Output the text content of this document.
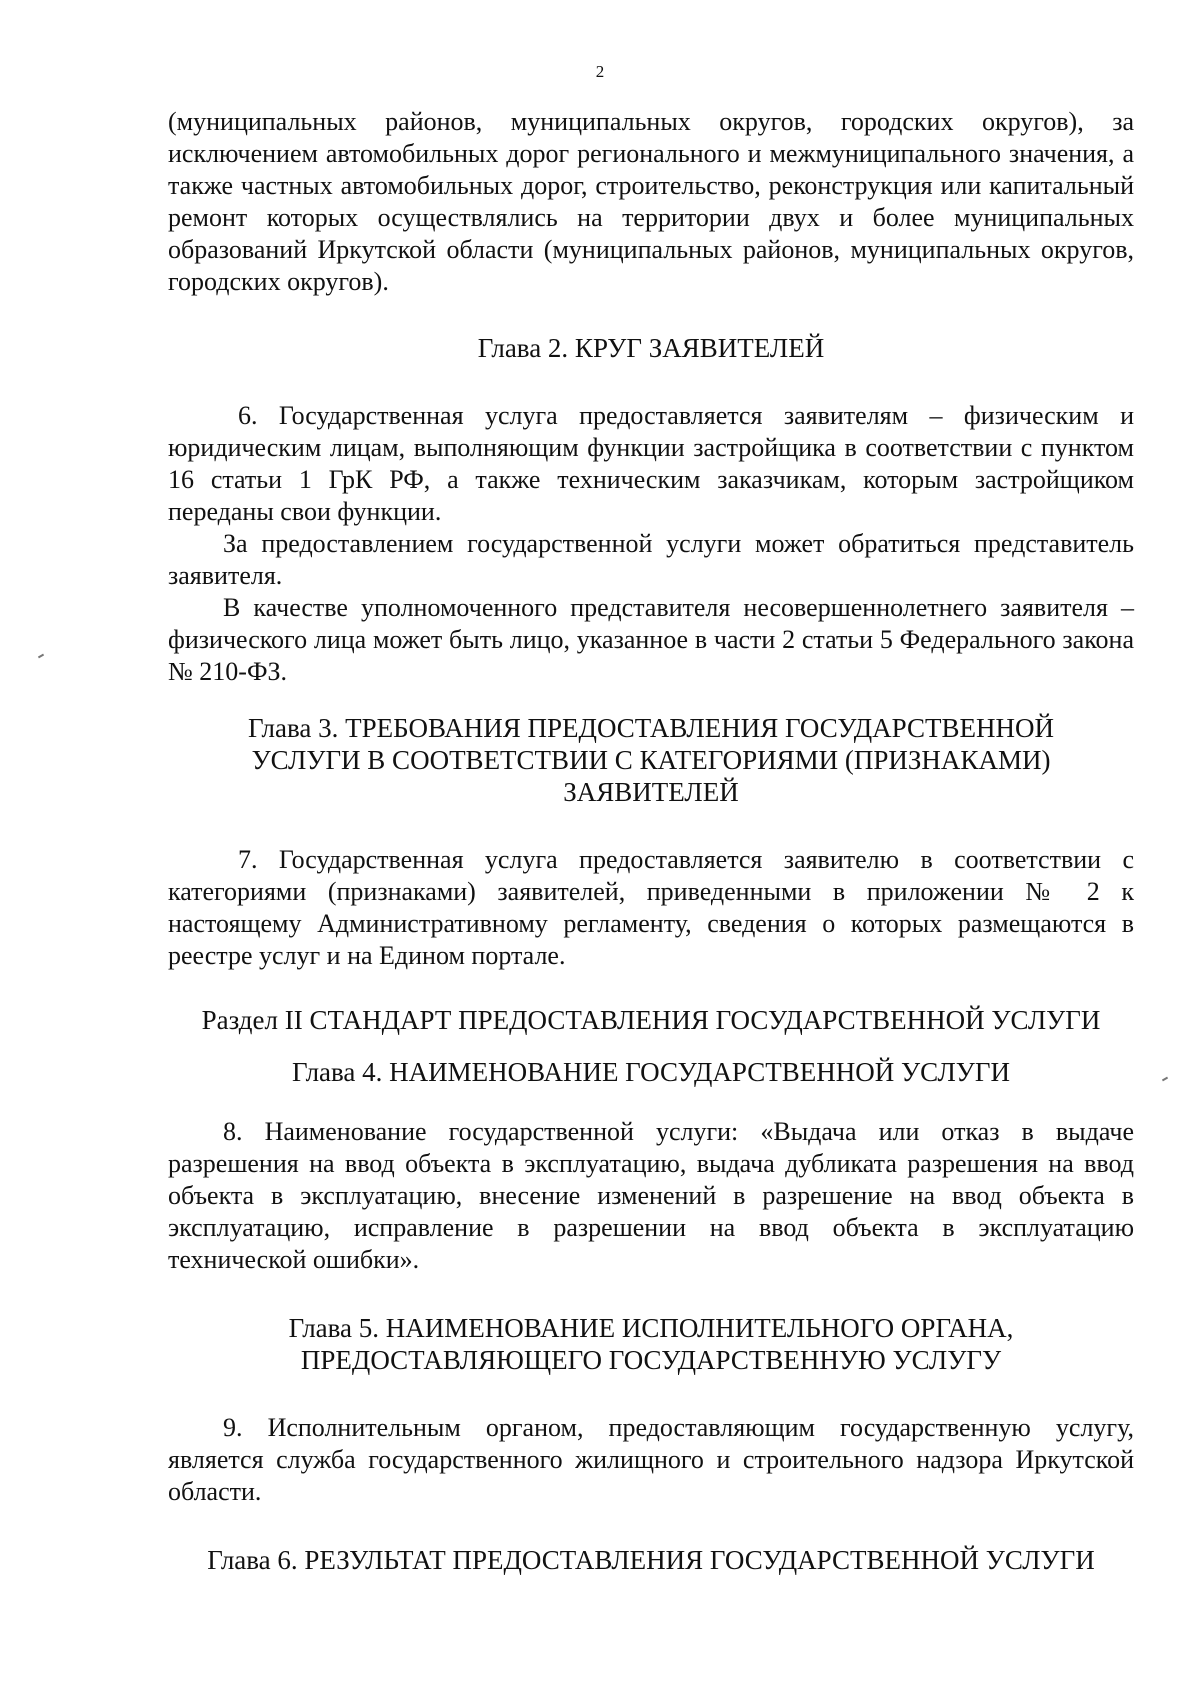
2

(муниципальных районов, муниципальных округов, городских округов), за исключением автомобильных дорог регионального и межмуниципального значения, а также частных автомобильных дорог, строительство, реконструкция или капитальный ремонт которых осуществлялись на территории двух и более муниципальных образований Иркутской области (муниципальных районов, муниципальных округов, городских округов).

Глава 2. КРУГ ЗАЯВИТЕЛЕЙ

6. Государственная услуга предоставляется заявителям – физическим и юридическим лицам, выполняющим функции застройщика в соответствии с пунктом 16 статьи 1 ГрК РФ, а также техническим заказчикам, которым застройщиком переданы свои функции.

За предоставлением государственной услуги может обратиться представитель заявителя.

В качестве уполномоченного представителя несовершеннолетнего заявителя – физического лица может быть лицо, указанное в части 2 статьи 5 Федерального закона № 210-ФЗ.

Глава 3. ТРЕБОВАНИЯ ПРЕДОСТАВЛЕНИЯ ГОСУДАРСТВЕННОЙ
УСЛУГИ В СООТВЕТСТВИИ С КАТЕГОРИЯМИ (ПРИЗНАКАМИ)
ЗАЯВИТЕЛЕЙ

7. Государственная услуга предоставляется заявителю в соответствии с категориями (признаками) заявителей, приведенными в приложении № 2 к настоящему Административному регламенту, сведения о которых размещаются в реестре услуг и на Едином портале.

Раздел II СТАНДАРТ ПРЕДОСТАВЛЕНИЯ ГОСУДАРСТВЕННОЙ УСЛУГИ
Глава 4. НАИМЕНОВАНИЕ ГОСУДАРСТВЕННОЙ УСЛУГИ

8. Наименование государственной услуги: «Выдача или отказ в выдаче разрешения на ввод объекта в эксплуатацию, выдача дубликата разрешения на ввод объекта в эксплуатацию, внесение изменений в разрешение на ввод объекта в эксплуатацию, исправление в разрешении на ввод объекта в эксплуатацию технической ошибки».

Глава 5. НАИМЕНОВАНИЕ ИСПОЛНИТЕЛЬНОГО ОРГАНА,
ПРЕДОСТАВЛЯЮЩЕГО ГОСУДАРСТВЕННУЮ УСЛУГУ

9. Исполнительным органом, предоставляющим государственную услугу, является служба государственного жилищного и строительного надзора Иркутской области.

Глава 6. РЕЗУЛЬТАТ ПРЕДОСТАВЛЕНИЯ ГОСУДАРСТВЕННОЙ УСЛУГИ
